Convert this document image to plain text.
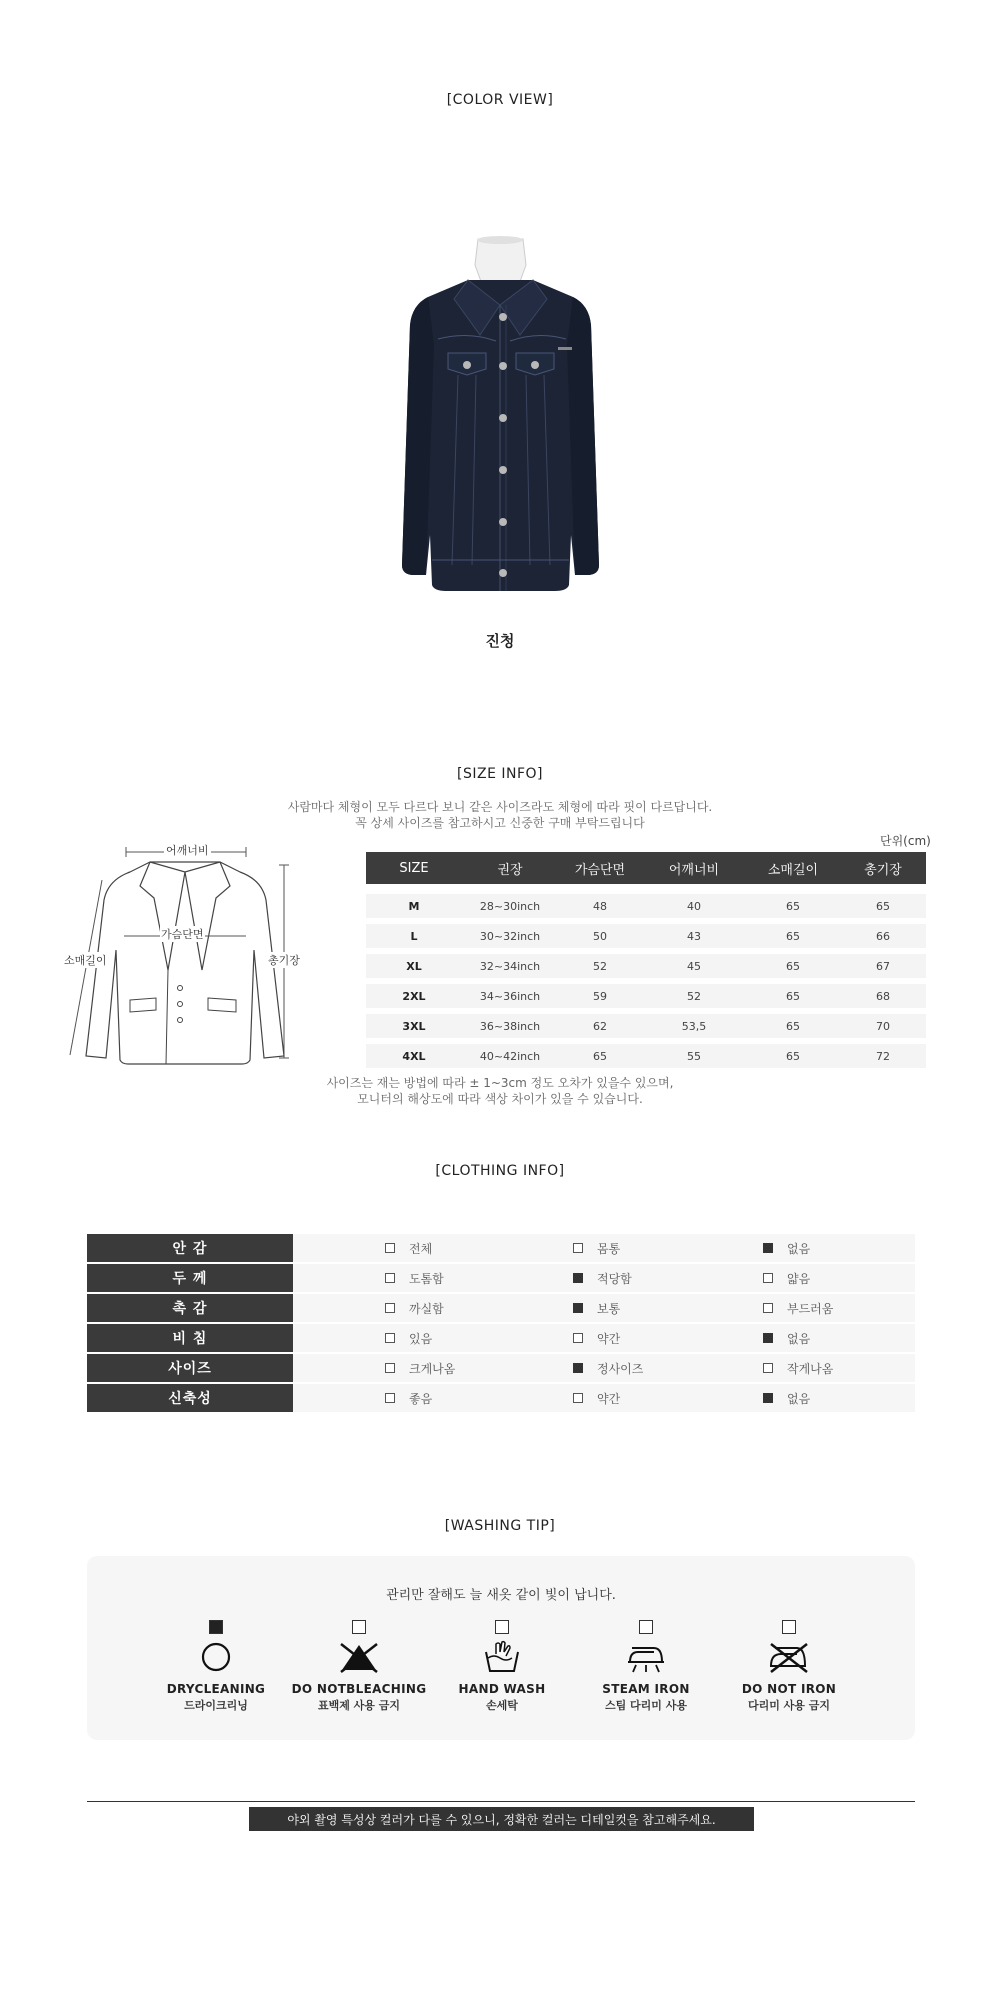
[COLOR VIEW]
진청
[SIZE INFO]
사람마다 체형이 모두 다르다 보니 같은 사이즈라도 체형에 따라 핏이 다르답니다.
꼭 상세 사이즈를 참고하시고 신중한 구매 부탁드립니다
단위(cm)
어깨너비
가슴단면
소매길이	총기장
SIZE	권장	가슴단면	어깨너비	소매길이	총기장
M	28~30inch	48	40	65	65
L	30~32inch	50	43	65	66
XL	32~34inch	52	45	65	67
2XL	34~36inch	59	52	65	68
3XL	36~38inch	62	53,5	65	70
4XL	40~42inch	65	55	65	72
사이즈는 재는 방법에 따라 ± 1~3cm 정도 오차가 있을수 있으며,
모니터의 해상도에 따라 색상 차이가 있을 수 있습니다.
[CLOTHING INFO]
안 감	전체	몸통	없음
두 께	도톰함	적당함	얇음
촉 감	까실함	보통	부드러움
비 침	있음	약간	없음
사이즈	크게나옴	정사이즈	작게나옴
신축성	좋음	약간	없음
[WASHING TIP]
관리만 잘해도 늘 새옷 같이 빛이 납니다.
DRYCLEANING
드라이크리닝
DO NOTBLEACHING
표백제 사용 금지
HAND WASH
손세탁
STEAM IRON
스팀 다리미 사용
DO NOT IRON
다리미 사용 금지
야외 촬영 특성상 컬러가 다를 수 있으니, 정확한 컬러는 디테일컷을 참고해주세요.
